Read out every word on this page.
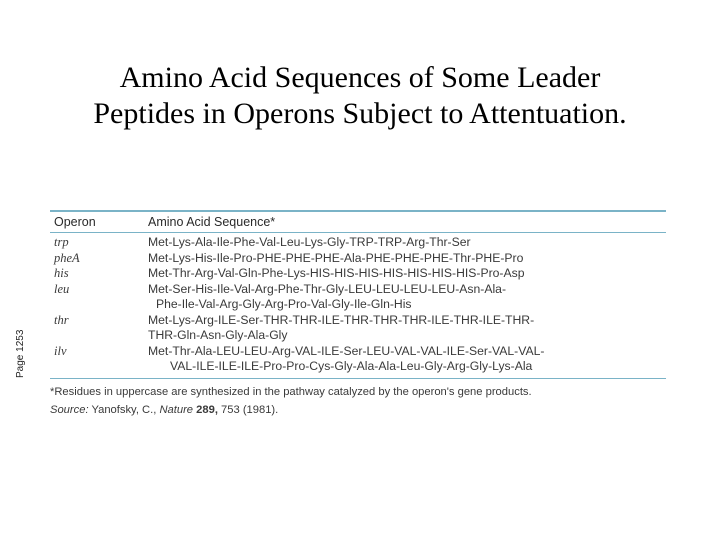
Amino Acid Sequences of Some Leader
Peptides in Operons Subject to Attentuation.
Page 1253
Operon	Amino Acid Sequence*
trp	Met-Lys-Ala-Ile-Phe-Val-Leu-Lys-Gly-TRP-TRP-Arg-Thr-Ser
pheA	Met-Lys-His-Ile-Pro-PHE-PHE-PHE-Ala-PHE-PHE-PHE-Thr-PHE-Pro
his	Met-Thr-Arg-Val-Gln-Phe-Lys-HIS-HIS-HIS-HIS-HIS-HIS-HIS-Pro-Asp
leu	Met-Ser-His-Ile-Val-Arg-Phe-Thr-Gly-LEU-LEU-LEU-LEU-Asn-Ala-
Phe-Ile-Val-Arg-Gly-Arg-Pro-Val-Gly-Ile-Gln-His
thr	Met-Lys-Arg-ILE-Ser-THR-THR-ILE-THR-THR-THR-ILE-THR-ILE-THR-
THR-Gln-Asn-Gly-Ala-Gly
ilv	Met-Thr-Ala-LEU-LEU-Arg-VAL-ILE-Ser-LEU-VAL-VAL-ILE-Ser-VAL-VAL-
VAL-ILE-ILE-ILE-Pro-Pro-Cys-Gly-Ala-Ala-Leu-Gly-Arg-Gly-Lys-Ala
*Residues in uppercase are synthesized in the pathway catalyzed by the operon's gene products.
Source: Yanofsky, C., Nature 289, 753 (1981).
